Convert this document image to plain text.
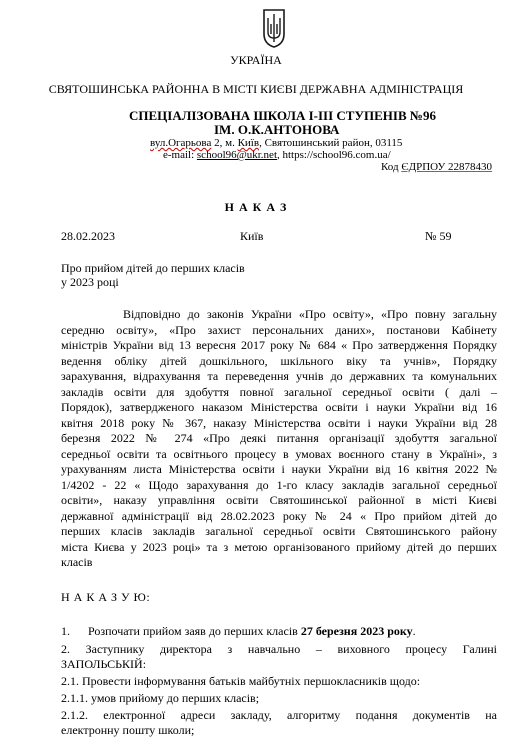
УКРАЇНА
СВЯТОШИНСЬКА РАЙОННА В МІСТІ КИЄВІ ДЕРЖАВНА АДМІНІСТРАЦІЯ
СПЕЦІАЛІЗОВАНА ШКОЛА І-ІІІ СТУПЕНІВ №96
ІМ. О.К.АНТОНОВА
вул.Огарьова 2, м. Київ, Святошинський район, 03115
e-mail: school96@ukr.net, https://school96.com.ua/
Код ЄДРПОУ 22878430
Н А К А З
28.02.2023	Київ	№ 59
Про прийом дітей до перших класів
у 2023 році
Відповідно до законів України «Про освіту», «Про повну загальну
середню освіту», «Про захист персональних даних», постанови Кабінету
міністрів України від 13 вересня 2017 року № 684 « Про затвердження Порядку
ведення обліку дітей дошкільного, шкільного віку та учнів», Порядку
зарахування, відрахування та переведення учнів до державних та комунальних
закладів освіти для здобуття повної загальної середньої освіти ( далі –
Порядок), затвердженого наказом Міністерства освіти і науки України від 16
квітня 2018 року № 367, наказу Міністерства освіти і науки України від 28
березня 2022 № 274 «Про деякі питання організації здобуття загальної
середньої освіти та освітнього процесу в умовах воєнного стану в Україні», з
урахуванням листа Міністерства освіти і науки України від 16 квітня 2022 №
1/4202 - 22 « Щодо зарахування до 1-го класу закладів загальної середньої
освіти», наказу управління освіти Святошинської районної в місті Києві
державної адміністрації від 28.02.2023 року № 24 « Про прийом дітей до
перших класів закладів загальної середньої освіти Святошинського району
міста Києва у 2023 році» та з метою організованого прийому дітей до перших
класів
Н А К А З У Ю:
1. Розпочати прийом заяв до перших класів 27 березня 2023 року.
2. Заступнику директора з навчально – виховного процесу Галині
ЗАПОЛЬСЬКІЙ:
2.1. Провести інформування батьків майбутніх першокласників щодо:
2.1.1. умов прийому до перших класів;
2.1.2. електронної адреси закладу, алгоритму подання документів на
електронну пошту школи;
